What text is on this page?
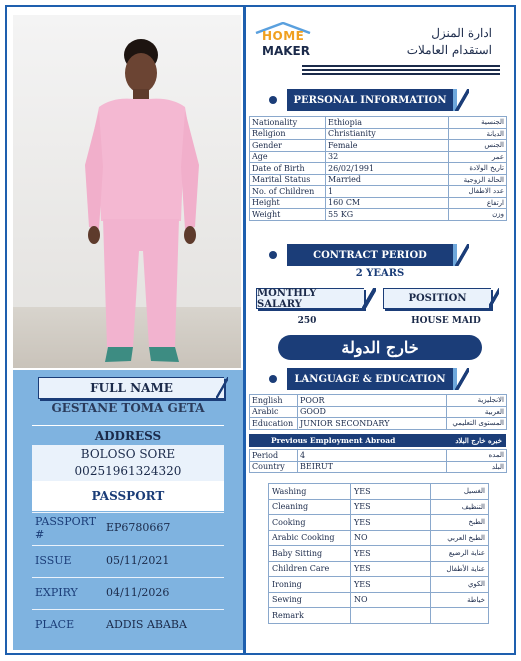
FULL NAME
GESTANE TOMA GETA
ADDRESS
BOLOSO SORE
00251961324320
PASSPORT
PASSPORT #	EP6780667
ISSUE	05/11/2021
EXPIRY	04/11/2026
PLACE	ADDIS ABABA
HOME
MAKER
ادارة المنزل
استقدام العاملات
PERSONAL INFORMATION
Nationality	Ethiopia	الجنسية
Religion	Christianity	الديانة
Gender	Female	الجنس
Age	32	عمر
Date of Birth	26/02/1991	تاريخ الولادة
Marital Status	Married	الحالة الزوجية
No. of Children	1	عدد الاطفال
Height	160 CM	ارتفاع
Weight	55 KG	وزن
CONTRACT PERIOD
2 YEARS
MONTHLY SALARY	POSITION
250	HOUSE MAID
خارج الدولة
LANGUAGE & EDUCATION
English	POOR	الانجليزية
Arabic	GOOD	العربية
Education	JUNIOR SECONDARY	المستوى التعليمي
Previous Employment Abroad	خبره خارج البلاد
Period	4	المده
Country	BEIRUT	البلد
Washing	YES	الغسيل
Cleaning	YES	التنظيف
Cooking	YES	الطبخ
Arabic Cooking	NO	الطبخ العربي
Baby Sitting	YES	عناية الرضيع
Children Care	YES	عناية الأطفال
Ironing	YES	الكوي
Sewing	NO	خياطة
Remark		
